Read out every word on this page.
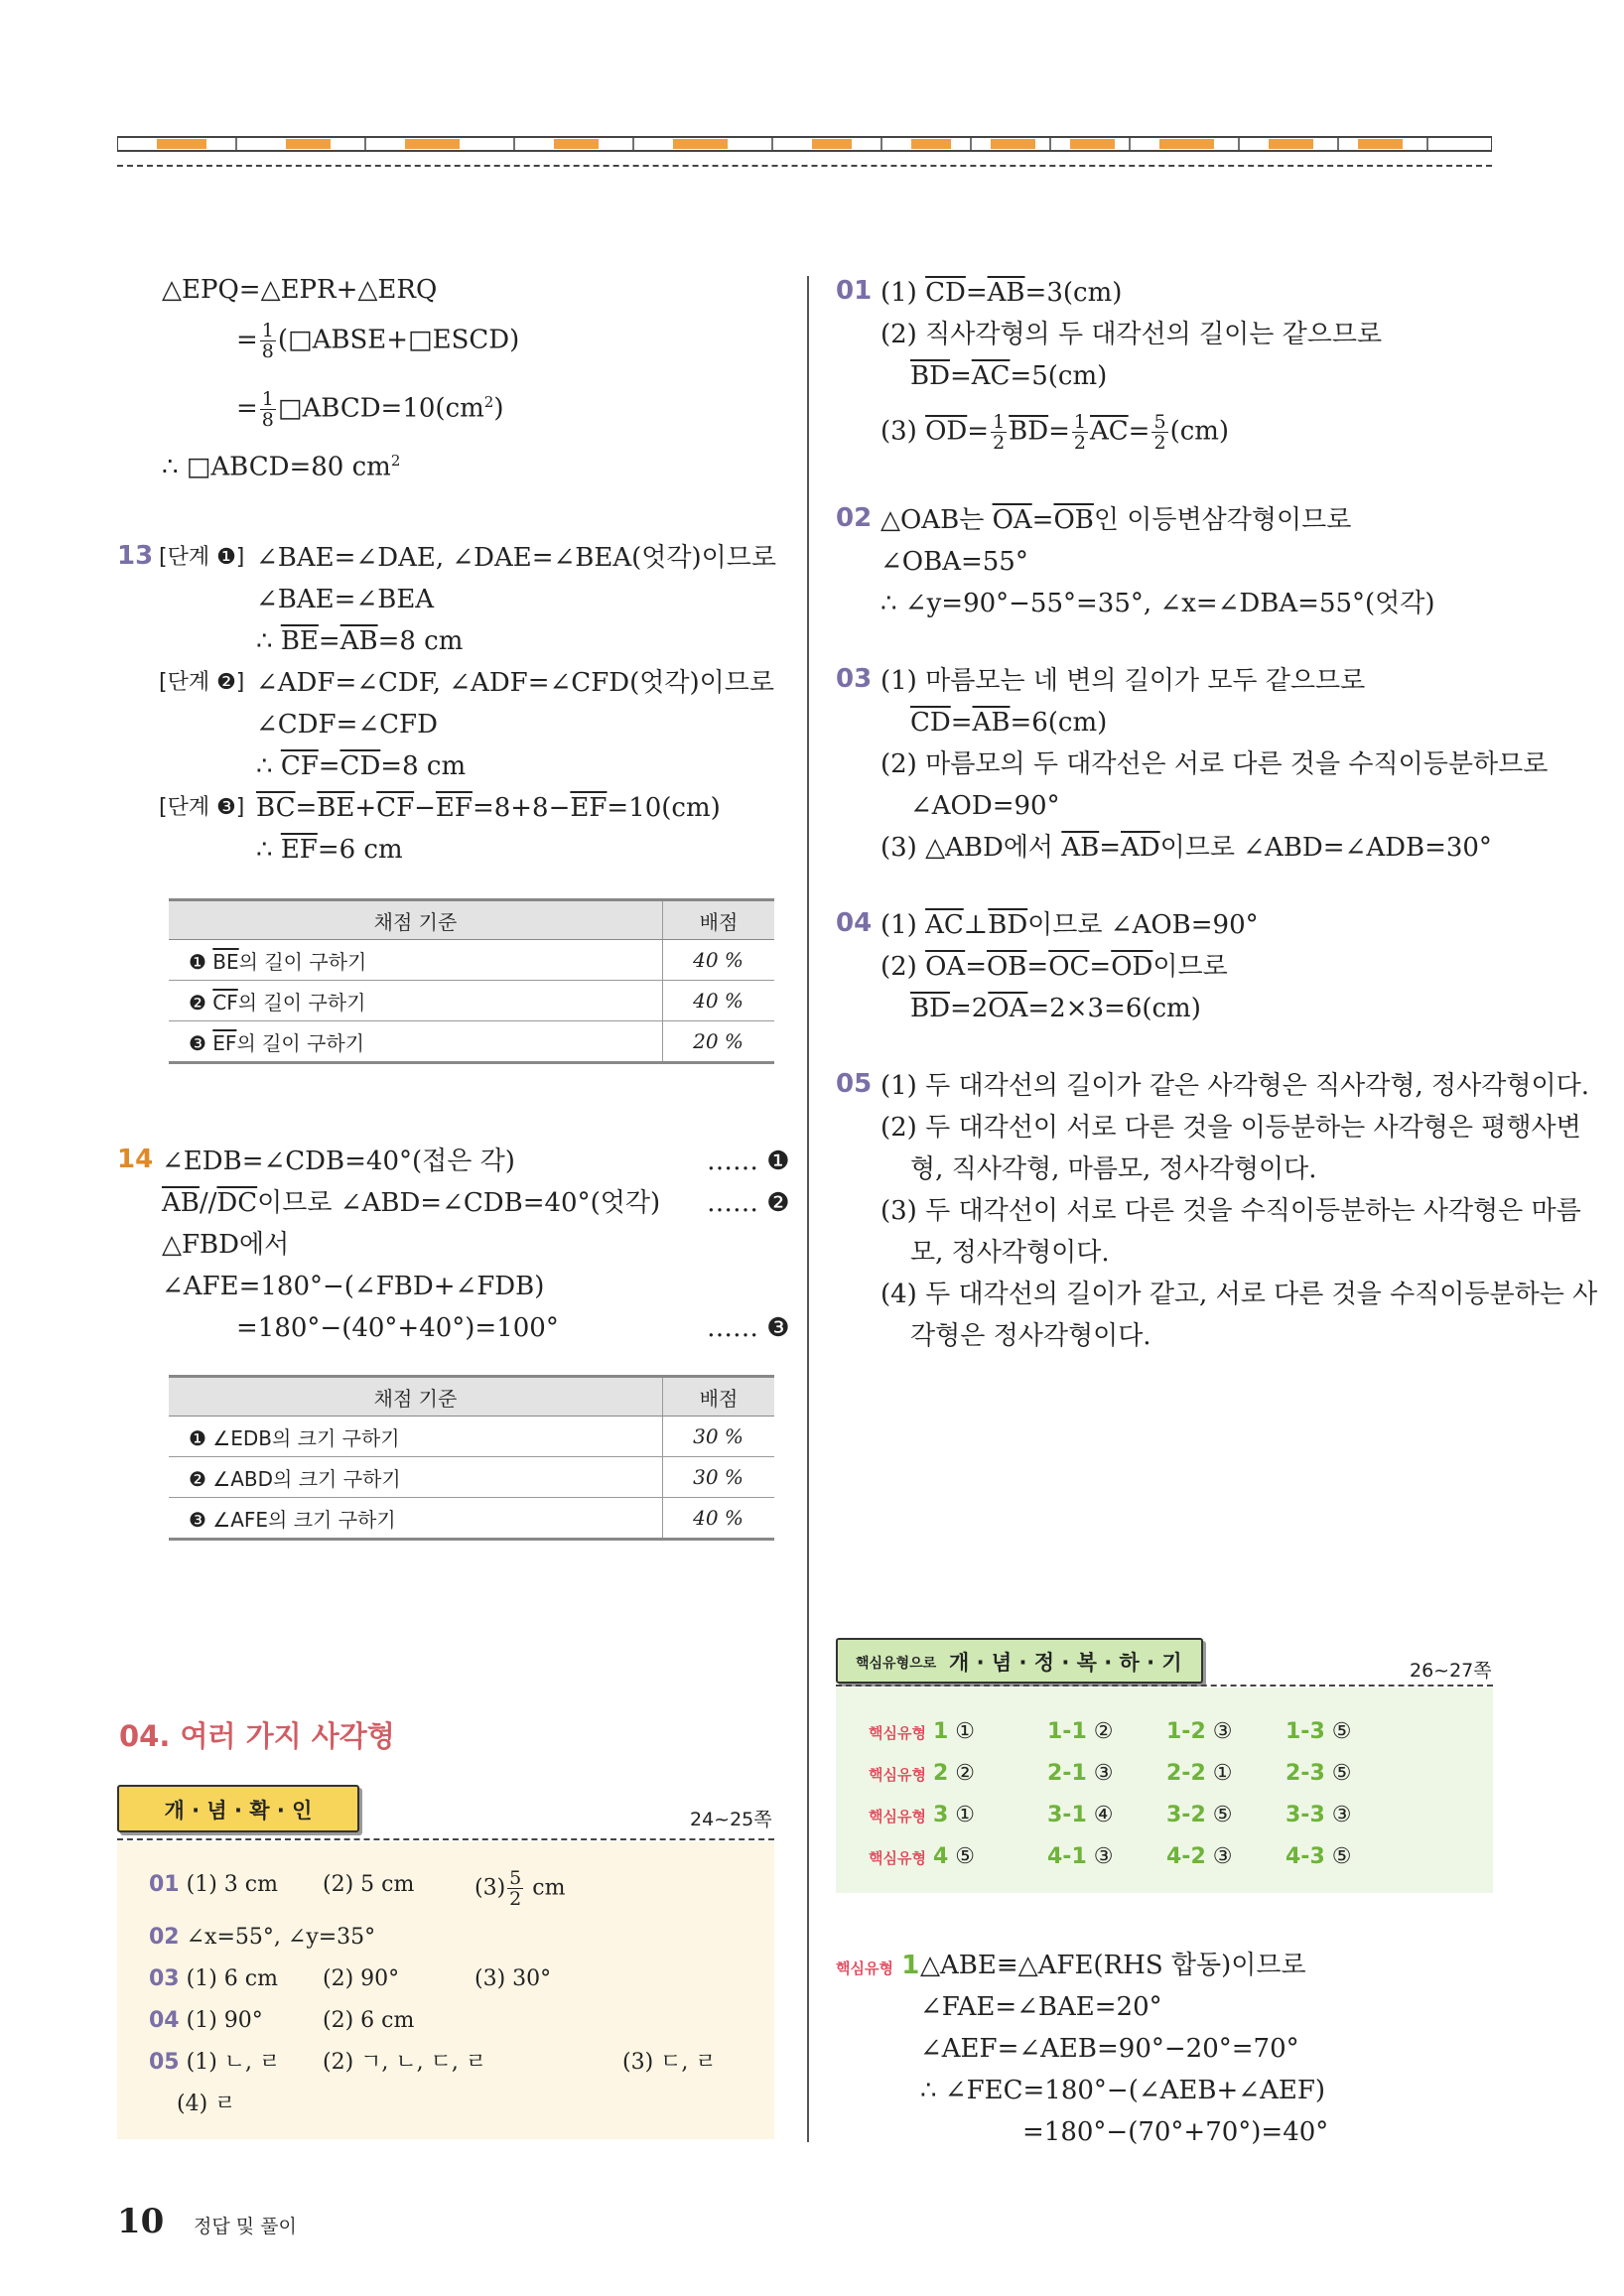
△EPQ=△EPR+△ERQ
= $\frac{1}{8}$ (□ABSE+□ESCD)
= $\frac{1}{8}$ $□ABCD=10(cm^2)$
∴ □ABCD=80 $cm^2$
13 [단계 ❶] ∠BAE=∠DAE, ∠DAE=∠BEA(엇각)이므로
∠BAE=∠BEA
∴ $\overline{BE}=\overline{AB}=8$ cm
[단계 ❷] ∠ADF=∠CDF, ∠ADF=∠CFD(엇각)이므로
∠CDF=∠CFD
∴ $\overline{CF}=\overline{CD}=8$ cm
[단계 ❸] $\overline{BC}=\overline{BE}+\overline{CF}-\overline{EF}=8+8-\overline{EF}=10(cm)$
∴ $\overline{EF}=6$ cm
채점 기준	배점
❶ $\overline{BE}$의 길이 구하기	40 %
❷ $\overline{CF}$의 길이 구하기	40 %
❸ $\overline{EF}$의 길이 구하기	20 %
14 ∠EDB=∠CDB=40°(접은 각)	…… ❶
$\overline{AB}//\overline{DC}$이므로 ∠ABD=∠CDB=40°(엇각) …… ❷
△FBD에서
∠AFE=180°−(∠FBD+∠FDB)
=180°−(40°+40°)=100°	…… ❸
채점 기준	배점
❶ ∠EDB의 크기 구하기	30 %
❷ ∠ABD의 크기 구하기	30 %
❸ ∠AFE의 크기 구하기	40 %
04. 여러 가지 사각형
개 · 념 · 확 · 인	24~25쪽
01 (1) 3 cm (2) 5 cm	$(3) \frac{5}{2}$ cm
02 ∠x=55°, ∠y=35°
03 (1) 6 cm (2) 90°	(3) 30°
04 (1) 90°	(2) 6 cm
05 (1) ㄴ, ㄹ (2) ㄱ, ㄴ, ㄷ, ㄹ	(3) ㄷ, ㄹ
(4) ㄹ
01 (1) $\overline{CD}=\overline{AB}=3(cm)$
(2) 직사각형의 두 대각선의 길이는 같으므로
$\overline{BD}=\overline{AC}=5(cm)$
(3) $\overline{OD}= \frac{1}{2} \overline{BD}= \frac{1}{2} \overline{AC}= \frac{5}{2} (cm)$
02 △OAB는 $\overline{OA}=\overline{OB}$인 이등변삼각형이므로
∠OBA=55°
∴ ∠y=90°−55°=35°, ∠x=∠DBA=55°(엇각)
03 (1) 마름모는 네 변의 길이가 모두 같으므로
$\overline{CD}=\overline{AB}=6(cm)$
(2) 마름모의 두 대각선은 서로 다른 것을 수직이등분하므로
∠AOD=90°
(3) △ABD에서 $\overline{AB}=\overline{AD}$이므로 ∠ABD=∠ADB=30°
04 (1) $\overline{AC}\perp\overline{BD}$이므로 ∠AOB=90°
(2) $\overline{OA}=\overline{OB}=\overline{OC}=\overline{OD}$이므로
$\overline{BD}=2\overline{OA}=2\times 3=6(cm)$
05 (1) 두 대각선의 길이가 같은 사각형은 직사각형, 정사각형이다.
(2) 두 대각선이 서로 다른 것을 이등분하는 사각형은 평행사변
형, 직사각형, 마름모, 정사각형이다.
(3) 두 대각선이 서로 다른 것을 수직이등분하는 사각형은 마름
모, 정사각형이다.
(4) 두 대각선의 길이가 같고, 서로 다른 것을 수직이등분하는 사
각형은 정사각형이다.
핵심유형으로 개 · 념 · 정 · 복 · 하 · 기	26~27쪽
핵심유형 1 ①	1-1 ② 1-2 ③ 1-3 ⑤
핵심유형 2 ②	2-1 ③ 2-2 ① 2-3 ⑤
핵심유형 3 ①	3-1 ④ 3-2 ⑤ 3-3 ③
핵심유형 4 ⑤	4-1 ③ 4-2 ③ 4-3 ⑤
핵심유형 1 △ABE≡△AFE(RHS 합동)이므로
∠FAE=∠BAE=20°
∠AEF=∠AEB=90°−20°=70°
∴ ∠FEC=180°−(∠AEB+∠AEF)
=180°−(70°+70°)=40°
10 정답 및 풀이
